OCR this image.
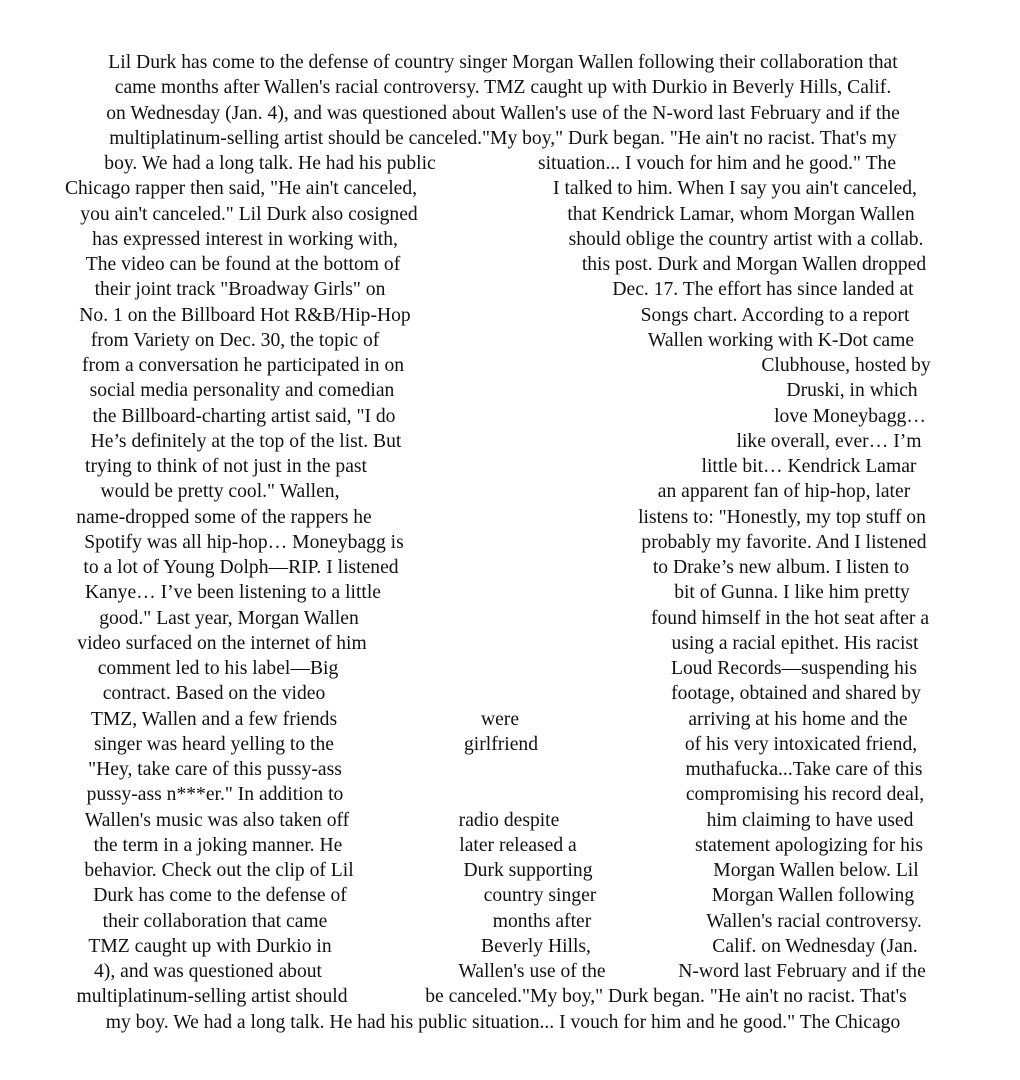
Lil Durk has come to the defense of country singer Morgan Wallen following their collaboration that

came months after Wallen's racial controversy. TMZ caught up with Durkio in Beverly Hills, Calif.

on Wednesday (Jan. 4), and was questioned about Wallen's use of the N-word last February and if the

multiplatinum-selling artist should be canceled."My boy," Durk began. "He ain't no racist. That's my

boy. We had a long talk. He had his public	situation... I vouch for him and he good." The

Chicago rapper then said, "He ain't canceled,	I talked to him. When I say you ain't canceled,

you ain't canceled." Lil Durk also cosigned	that Kendrick Lamar, whom Morgan Wallen

has expressed interest in working with,	should oblige the country artist with a collab.

The video can be found at the bottom of	this post. Durk and Morgan Wallen dropped

their joint track "Broadway Girls" on	Dec. 17. The effort has since landed at

No. 1 on the Billboard Hot R&B/Hip-Hop	Songs chart. According to a report

from Variety on Dec. 30, the topic of	Wallen working with K-Dot came

from a conversation he participated in on	Clubhouse, hosted by

social media personality and comedian	Druski, in which

the Billboard-charting artist said, "I do	love Moneybagg…

He’s definitely at the top of the list. But	like overall, ever… I’m

trying to think of not just in the past	little bit… Kendrick Lamar

would be pretty cool." Wallen,	an apparent fan of hip-hop, later

name-dropped some of the rappers he	listens to: "Honestly, my top stuff on

Spotify was all hip-hop… Moneybagg is	probably my favorite. And I listened

to a lot of Young Dolph—RIP. I listened	to Drake’s new album. I listen to

Kanye… I’ve been listening to a little	bit of Gunna. I like him pretty

good." Last year, Morgan Wallen	found himself in the hot seat after a

video surfaced on the internet of him	using a racial epithet. His racist

comment led to his label—Big	Loud Records—suspending his

contract. Based on the video	footage, obtained and shared by

TMZ, Wallen and a few friends	were	arriving at his home and the

singer was heard yelling to the	girlfriend	of his very intoxicated friend,

"Hey, take care of this pussy-ass	muthafucka...Take care of this

pussy-ass n***er." In addition to	compromising his record deal,

Wallen's music was also taken off	radio despite	him claiming to have used

the term in a joking manner. He	later released a	statement apologizing for his

behavior. Check out the clip of Lil	Durk supporting	Morgan Wallen below. Lil

Durk has come to the defense of	country singer	Morgan Wallen following

their collaboration that came	months after	Wallen's racial controversy.

TMZ caught up with Durkio in	Beverly Hills,	Calif. on Wednesday (Jan.

4), and was questioned about	Wallen's use of the	N-word last February and if the

multiplatinum-selling artist should	be canceled."My boy," Durk began. "He ain't no racist. That's

my boy. We had a long talk. He had his public situation... I vouch for him and he good." The Chicago
